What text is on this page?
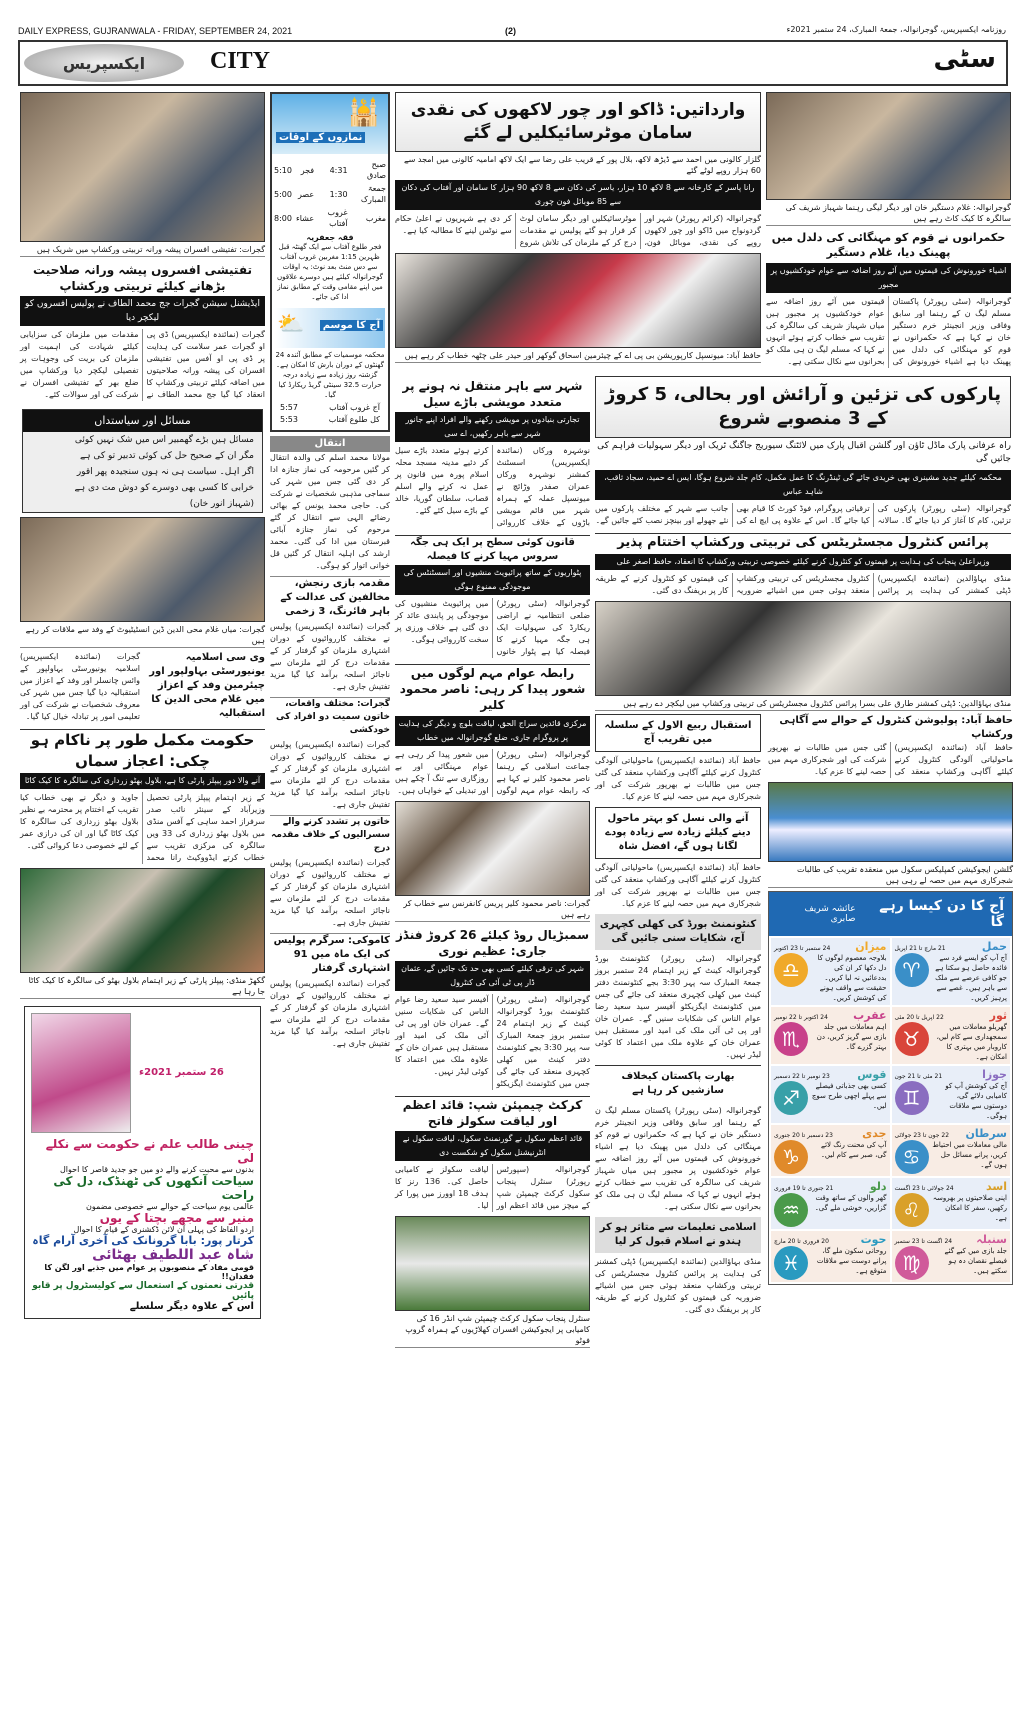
DAILY EXPRESS, GUJRANWALA - FRIDAY, SEPTEMBER 24, 2021	(2)	روزنامہ ایکسپریس، گوجرانوالہ، جمعۃ المبارک، 24 ستمبر 2021ء
ایکسپریس	CITY	سٹی
گجرات: تفتیشی افسران پیشہ ورانہ تربیتی ورکشاپ میں شریک ہیں
تفتیشی افسروں پیشہ ورانہ صلاحیت بڑھانے کیلئے تربیتی ورکشاپ
ایڈیشنل سیشن گجرات جج محمد الطاف نے پولیس افسروں کو لیکچر دیا
گجرات (نمائندہ ایکسپریس) ڈی پی او گجرات عمر سلامت کی ہدایت پر ڈی پی او آفس میں تفتیشی افسران کی پیشہ ورانہ صلاحیتوں میں اضافہ کیلئے تربیتی ورکشاپ کا انعقاد کیا گیا جج محمد الطاف نے مقدمات میں ملزمان کی سزایابی کیلئے شہادت کی اہمیت اور ملزمان کی بریت کی وجوہات پر تفصیلی لیکچر دیا ورکشاپ میں ضلع بھر کے تفتیشی افسران نے شرکت کی اور سوالات کئے۔
مسائل اور سیاستداں
مسائل ہیں بڑے گھمبیر اس میں شک نہیں کوئی
مگر ان کے صحیح حل کی کوئی تدبیر تو کی ہے
اگر اہل۔ سیاست ہی نہ ہوں سنجیدہ پھر اقور
خرابی کا کسی بھی دوسرے کو دوش مت دی ہے
(شہباز انور خان)
گجرات: میاں غلام محی الدین ڈین انسٹیٹیوٹ کے وفد سے ملاقات کر رہے ہیں
وی سی اسلامیہ یونیورسٹی بہاولپور اور چیئرمین وفد کے اعزاز میں غلام محی الدین کا استقبالیہ
گجرات (نمائندہ ایکسپریس) اسلامیہ یونیورسٹی بہاولپور کے وائس چانسلر اور وفد کے اعزاز میں استقبالیہ دیا گیا جس میں شہر کی معروف شخصیات نے شرکت کی اور تعلیمی امور پر تبادلہ خیال کیا گیا۔
حکومت مکمل طور پر ناکام ہو چکی: اعجاز سماں
آنے والا دور پیپلز پارٹی کا ہے، بلاول بھٹو زرداری کی سالگرہ کا کیک کاٹا
کے زیر اہتمام پیپلز پارٹی تحصیل وزیرآباد کے سینئر نائب صدر سرفراز احمد ساہی کے آفس منڈی میں بلاول بھٹو زرداری کی 33 ویں سالگرہ کی مرکزی تقریب سے خطاب کرتے ایڈووکیٹ رانا محمد جاوید و دیگر نے بھی خطاب کیا تقریب کے اختتام پر محترمہ بے نظیر بلاول بھٹو زرداری کی سالگرہ کا کیک کاٹا گیا اور ان کی درازی عمر کے لئے خصوصی دعا کروائی گئی۔
گکھڑ منڈی: پیپلز پارٹی کے زیر اہتمام بلاول بھٹو کی سالگرہ کا کیک کاٹا جا رہا ہے
26 ستمبر 2021ء
چینی طالب علم نے حکومت سے نکلے لی
بدنوں سے محبت کرنے والے دو میں جو جدید قاصر کا احوال
سیاحت آنکھوں کی ٹھنڈک، دل کی راحت
عالمی یوم سیاحت کے حوالے سے خصوصی مضمون
منیر سے مجھے بچتا کے یوں
اردو الفاظ کی پہلی آن لائن ڈکشنری کے قیام کا احوال
کرتار پور: بابا گرونانک کی آخری آرام گاہ
شاہ عبد اللطیف بھٹائی
قومی مفاد کے منصوبوں پر عوام میں جذبے اور لگن کا فقدان!!
قدرتی نعمتوں کے استعمال سے کولیسٹرول پر قابو پائیں
اس کے علاوہ دیگر سلسلے
🕌
نمازوں کے اوقات
صبح صادق	4:31	فجر	5:10
جمعۃ المبارک	1:30	عصر	5:00
مغرب	غروب آفتاب	عشاء	8:00
فقہ جعفریہ
فجر طلوع آفتاب سے ایک گھنٹہ قبل ظہرین 1:15 مغربین غروب آفتاب سے دس منٹ بعد نوٹ: یہ اوقات گوجرانوالہ کیلئے ہیں دوسرے علاقوں میں اپنے مقامی وقت کے مطابق نماز ادا کی جائے۔
⛅	آج کا موسم
محکمہ موسمیات کے مطابق آئندہ 24 گھنٹوں کے دوران بارش کا امکان ہے۔ گزشتہ روز زیادہ سے زیادہ درجہ حرارت 32.5 سینٹی گریڈ ریکارڈ کیا گیا۔
آج غروب آفتاب
5:57
کل طلوع آفتاب
5:53
انتقال
مولانا محمد اسلم کی والدہ انتقال کر گئیں مرحومہ کی نماز جنازہ ادا کر دی گئی جس میں شہر کی سماجی مذہبی شخصیات نے شرکت کی۔ حاجی محمد یونس کے بھائی رضائے الہی سے انتقال کر گئے مرحوم کی نماز جنازہ آبائی قبرستان میں ادا کی گئی۔ محمد ارشد کی اہلیہ انتقال کر گئیں قل خوانی اتوار کو ہوگی۔
مقدمہ بازی رنجش، مخالفین کی عدالت کے باہر فائرنگ، 3 زخمی
گجرات (نمائندہ ایکسپریس) پولیس نے مختلف کارروائیوں کے دوران اشتہاری ملزمان کو گرفتار کر کے مقدمات درج کر لئے ملزمان سے ناجائز اسلحہ برآمد کیا گیا مزید تفتیش جاری ہے۔
گجرات: مختلف واقعات، خاتون سمیت دو افراد کی خودکشی
گجرات (نمائندہ ایکسپریس) پولیس نے مختلف کارروائیوں کے دوران اشتہاری ملزمان کو گرفتار کر کے مقدمات درج کر لئے ملزمان سے ناجائز اسلحہ برآمد کیا گیا مزید تفتیش جاری ہے۔
خاتون پر تشدد کرنے والے سسرالیوں کے خلاف مقدمہ درج
گجرات (نمائندہ ایکسپریس) پولیس نے مختلف کارروائیوں کے دوران اشتہاری ملزمان کو گرفتار کر کے مقدمات درج کر لئے ملزمان سے ناجائز اسلحہ برآمد کیا گیا مزید تفتیش جاری ہے۔
کاموکی: سرگرم پولیس کی ایک ماہ میں 91 اشتہاری گرفتار
گجرات (نمائندہ ایکسپریس) پولیس نے مختلف کارروائیوں کے دوران اشتہاری ملزمان کو گرفتار کر کے مقدمات درج کر لئے ملزمان سے ناجائز اسلحہ برآمد کیا گیا مزید تفتیش جاری ہے۔
وارداتیں: ڈاکو اور چور لاکھوں کی نقدی سامان موٹرسائیکلیں لے گئے
گلزار کالونی میں احمد سے ڈیڑھ لاکھ، بلال پور کے قریب علی رضا سے ایک لاکھ امامیہ کالونی میں امجد سے 60 ہزار روپے لوٹے گئے
رانا پاسر کے کارخانہ سے 8 لاکھ 10 ہزار، یاسر کی دکان سے 8 لاکھ 90 ہزار کا سامان اور آفتاب کی دکان سے 85 موبائل فون چوری
گوجرانوالہ (کرائم رپورٹر) شہر اور گردونواح میں ڈاکو اور چور لاکھوں روپے کی نقدی، موبائل فون، موٹرسائیکلیں اور دیگر سامان لوٹ کر فرار ہو گئے پولیس نے مقدمات درج کر کے ملزمان کی تلاش شروع کر دی ہے شہریوں نے اعلیٰ حکام سے نوٹس لینے کا مطالبہ کیا ہے۔
حافظ آباد: میونسپل کارپوریشن بی پی اے کے چیئرمین اسحاق گوکھر اور حیدر علی چٹھہ خطاب کر رہے ہیں
گوجرانوالہ: غلام دستگیر خان اور دیگر لیگی رہنما شہباز شریف کی سالگرہ کا کیک کاٹ رہے ہیں
حکمرانوں نے قوم کو مہنگائی کی دلدل میں پھینک دیا، غلام دستگیر
اشیاء خورونوش کی قیمتوں میں آئے روز اضافہ سے عوام خودکشیوں پر مجبور
گوجرانوالہ (سٹی رپورٹر) پاکستان مسلم لیگ ن کے رہنما اور سابق وفاقی وزیر انجینئر خرم دستگیر خان نے کہا ہے کہ حکمرانوں نے قوم کو مہنگائی کی دلدل میں پھینک دیا ہے اشیاء خورونوش کی قیمتوں میں آئے روز اضافہ سے عوام خودکشیوں پر مجبور ہیں میاں شہباز شریف کی سالگرہ کی تقریب سے خطاب کرتے ہوئے انہوں نے کہا کہ مسلم لیگ ن ہی ملک کو بحرانوں سے نکال سکتی ہے۔
شہر سے باہر منتقل نہ ہونے پر متعدد مویشی باڑے سیل
تجارتی بنیادوں پر مویشی رکھنے والے افراد اپنے جانور شہر سے باہر رکھیں، اے سی
نوشہرہ ورکاں (نمائندہ ایکسپریس) اسسٹنٹ کمشنر نوشہرہ ورکاں عمران صفدر وڑائچ نے میونسپل عملہ کے ہمراہ شہر میں قائم مویشی باڑوں کے خلاف کارروائی کرتے ہوئے متعدد باڑے سیل کر دئیے مدینہ مسجد محلہ اسلام پورہ میں قانون پر عمل نہ کرنے والے اسلم قصاب، سلطان گوریا، خالد کے باڑے سیل کئے گئے۔
قانون کوئی سطح پر ایک ہی جگہ سروس مہیا کرنے کا فیصلہ
پٹواریوں کے ساتھ پرائیویٹ منشیوں اور اسسٹنٹس کی موجودگی ممنوع ہوگی
گوجرانوالہ (سٹی رپورٹر) ضلعی انتظامیہ نے اراضی ریکارڈ کی سہولیات ایک ہی جگہ مہیا کرنے کا فیصلہ کیا ہے پٹوار خانوں میں پرائیویٹ منشیوں کی موجودگی پر پابندی عائد کر دی گئی ہے خلاف ورزی پر سخت کارروائی ہوگی۔
رابطہ عوام مہم لوگوں میں شعور پیدا کر رہی: ناصر محمود کلیر
مرکزی قائدین سراج الحق، لیاقت بلوچ و دیگر کی ہدایت پر پروگرام جاری، ضلع گوجرانوالہ میں خطاب
گوجرانوالہ (سٹی رپورٹر) جماعت اسلامی کے رہنما ناصر محمود کلیر نے کہا ہے کہ رابطہ عوام مہم لوگوں میں شعور پیدا کر رہی ہے عوام مہنگائی اور بے روزگاری سے تنگ آ چکے ہیں اور تبدیلی کے خواہاں ہیں۔
گجرات: ناصر محمود کلیر پریس کانفرنس سے خطاب کر رہے ہیں
سمبڑیال روڈ کیلئے 26 کروڑ فنڈز جاری: عظیم نوری
شہر کی ترقی کیلئے کسی بھی حد تک جائیں گے، عثمان ڈار پی ٹی آئی کی کنٹرول
گوجرانوالہ (سٹی رپورٹر) کنٹونمنٹ بورڈ گوجرانوالہ کینٹ کے زیر اہتمام 24 ستمبر بروز جمعۃ المبارک سہ پہر 3:30 بجے کنٹونمنٹ دفتر کینٹ میں کھلی کچہری منعقد کی جائے گی جس میں کنٹونمنٹ ایگزیکٹو آفیسر سید سعید رضا عوام الناس کی شکایات سنیں گے۔ عمران خان اور پی ٹی آئی ملک کی امید اور مستقبل ہیں عمران خان کے علاوہ ملک میں اعتماد کا کوئی لیڈر نہیں۔
کرکٹ چیمپئن شپ: قائد اعظم اور لیاقت سکولز فاتح
قائد اعظم سکول نے گورنمنٹ سکول، لیاقت سکول نے انٹرنیشنل سکول کو شکست دی
گوجرانوالہ (سپورٹس رپورٹر) سنٹرل پنجاب سکول کرکٹ چیمپئن شپ کے میچز میں قائد اعظم اور لیاقت سکولز نے کامیابی حاصل کی۔ 136 رنز کا ہدف 18 اوورز میں پورا کر لیا۔
سنٹرل پنجاب سکول کرکٹ چیمپئن شپ انڈر 16 کی کامیابی پر ایجوکیشن افسران کھلاڑیوں کے ہمراہ گروپ فوٹو
پارکوں کی تزئین و آرائش اور بحالی، 5 کروڑ کے 3 منصوبے شروع
راہ عرفانی پارک ماڈل ٹاؤن اور گلشن اقبال پارک میں لائٹنگ سیوریج جاگنگ ٹریک اور دیگر سہولیات فراہم کی جائیں گی
محکمہ کیلئے جدید مشینری بھی خریدی جائے گی ٹینڈرنگ کا عمل مکمل، کام جلد شروع ہوگا، ایس اے حمید، سجاد ثاقب، شاہد عباس
گوجرانوالہ (سٹی رپورٹر) پارکوں کی تزئین، کام کا آغاز کر دیا جائے گا۔ سالانہ ترقیاتی پروگرام، فوڈ کورٹ کا قیام بھی کیا جائے گا۔ اس کے علاوہ پی ایچ اے کی جانب سے شہر کے مختلف پارکوں میں نئے جھولے اور بینچز نصب کئے جائیں گے۔
پرائس کنٹرول مجسٹریٹس کی تربیتی ورکشاپ اختتام پذیر
وزیراعلیٰ پنجاب کی ہدایت پر قیمتوں کو کنٹرول کرنے کیلئے خصوصی تربیتی ورکشاپ کا انعقاد، حافظ اصغر علی
منڈی بہاؤالدین (نمائندہ ایکسپریس) ڈپٹی کمشنر کی ہدایت پر پرائس کنٹرول مجسٹریٹس کی تربیتی ورکشاپ منعقد ہوئی جس میں اشیائے ضروریہ کی قیمتوں کو کنٹرول کرنے کے طریقہ کار پر بریفنگ دی گئی۔
منڈی بہاؤالدین: ڈپٹی کمشنر طارق علی بسرا پرائس کنٹرول مجسٹریٹس کی تربیتی ورکشاپ میں لیکچر دے رہے ہیں
استقبال ربیع الاول کے سلسلہ میں تقریب آج
حافظ آباد (نمائندہ ایکسپریس) ماحولیاتی آلودگی کنٹرول کرنے کیلئے آگاہی ورکشاپ منعقد کی گئی جس میں طالبات نے بھرپور شرکت کی اور شجرکاری مہم میں حصہ لینے کا عزم کیا۔
آنے والی نسل کو بہتر ماحول دینے کیلئے زیادہ سے زیادہ پودے لگانا ہوں گے، افضل شاہ
حافظ آباد (نمائندہ ایکسپریس) ماحولیاتی آلودگی کنٹرول کرنے کیلئے آگاہی ورکشاپ منعقد کی گئی جس میں طالبات نے بھرپور شرکت کی اور شجرکاری مہم میں حصہ لینے کا عزم کیا۔
کنٹونمنٹ بورڈ کی کھلی کچہری آج، شکایات سنی جائیں گی
گوجرانوالہ (سٹی رپورٹر) کنٹونمنٹ بورڈ گوجرانوالہ کینٹ کے زیر اہتمام 24 ستمبر بروز جمعۃ المبارک سہ پہر 3:30 بجے کنٹونمنٹ دفتر کینٹ میں کھلی کچہری منعقد کی جائے گی جس میں کنٹونمنٹ ایگزیکٹو آفیسر سید سعید رضا عوام الناس کی شکایات سنیں گے۔ عمران خان اور پی ٹی آئی ملک کی امید اور مستقبل ہیں عمران خان کے علاوہ ملک میں اعتماد کا کوئی لیڈر نہیں۔
بھارت پاکستان کیخلاف سازشیں کر رہا ہے
گوجرانوالہ (سٹی رپورٹر) پاکستان مسلم لیگ ن کے رہنما اور سابق وفاقی وزیر انجینئر خرم دستگیر خان نے کہا ہے کہ حکمرانوں نے قوم کو مہنگائی کی دلدل میں پھینک دیا ہے اشیاء خورونوش کی قیمتوں میں آئے روز اضافہ سے عوام خودکشیوں پر مجبور ہیں میاں شہباز شریف کی سالگرہ کی تقریب سے خطاب کرتے ہوئے انہوں نے کہا کہ مسلم لیگ ن ہی ملک کو بحرانوں سے نکال سکتی ہے۔
اسلامی تعلیمات سے متاثر ہو کر ہندو نے اسلام قبول کر لیا
منڈی بہاؤالدین (نمائندہ ایکسپریس) ڈپٹی کمشنر کی ہدایت پر پرائس کنٹرول مجسٹریٹس کی تربیتی ورکشاپ منعقد ہوئی جس میں اشیائے ضروریہ کی قیمتوں کو کنٹرول کرنے کے طریقہ کار پر بریفنگ دی گئی۔
حافظ آباد: پولیوشن کنٹرول کے حوالے سے آگاہی ورکشاپ
حافظ آباد (نمائندہ ایکسپریس) ماحولیاتی آلودگی کنٹرول کرنے کیلئے آگاہی ورکشاپ منعقد کی گئی جس میں طالبات نے بھرپور شرکت کی اور شجرکاری مہم میں حصہ لینے کا عزم کیا۔
گلشن ایجوکیشن کمپلیکس سکول میں منعقدہ تقریب کی طالبات شجرکاری مہم میں حصہ لے رہی ہیں
آج کا دن کیسا رہے گا
عائشہ شریف صابری
حمل
21 مارچ تا 21 اپریل
♈	آج آپ کو ایسے فرد سے فائدہ حاصل ہو سکتا ہے جو کافی عرصے سے ملک سے باہر ہیں۔ غصے سے پرہیز کریں۔
میزان
24 ستمبر تا 23 اکتوبر
♎	بلاوجہ معصوم لوگوں کا دل دکھا کر ان کی بددعائیں نہ لیا کریں۔ حقیقت سے واقف ہونے کی کوشش کریں۔
ثور
22 اپریل تا 20 مئی
♉	گھریلو معاملات میں سمجھداری سے کام لیں، کاروبار میں بہتری کا امکان ہے۔
عقرب
24 اکتوبر تا 22 نومبر
♏	اہم معاملات میں جلد بازی سے گریز کریں، دن بہتر گزرے گا۔
جوزا
21 مئی تا 21 جون
♊	آج کی کوشش آپ کو کامیابی دلائے گی، دوستوں سے ملاقات ہوگی۔
قوس
23 نومبر تا 22 دسمبر
♐	کسی بھی جذباتی فیصلے سے پہلے اچھی طرح سوچ لیں۔
سرطان
22 جون تا 23 جولائی
♋	مالی معاملات میں احتیاط کریں، پرانے مسائل حل ہوں گے۔
جدی
23 دسمبر تا 20 جنوری
♑	آپ کی محنت رنگ لائے گی، صبر سے کام لیں۔
اسد
24 جولائی تا 23 اگست
♌	اپنی صلاحیتوں پر بھروسہ رکھیں، سفر کا امکان ہے۔
دلو
21 جنوری تا 19 فروری
♒	گھر والوں کے ساتھ وقت گزاریں، خوشی ملے گی۔
سنبلہ
24 اگست تا 23 ستمبر
♍	جلد بازی میں کیے گئے فیصلے نقصان دہ ہو سکتے ہیں۔
حوت
20 فروری تا 20 مارچ
♓	روحانی سکون ملے گا، پرانے دوست سے ملاقات متوقع ہے۔
